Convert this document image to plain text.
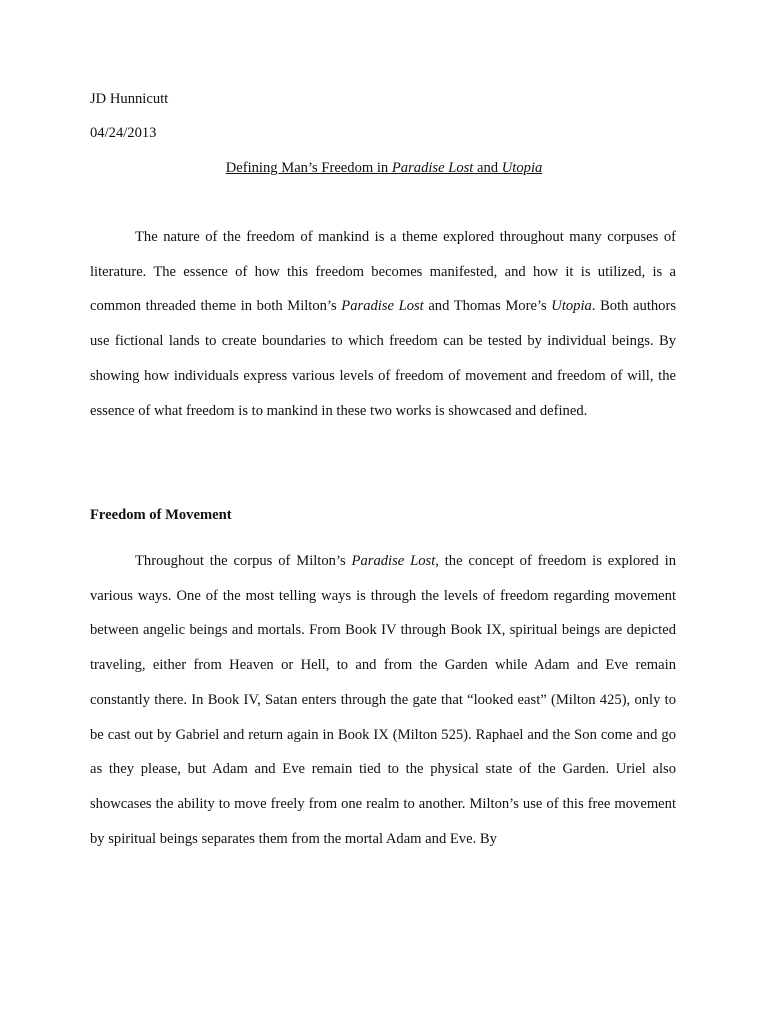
JD Hunnicutt
04/24/2013
Defining Man’s Freedom in Paradise Lost and Utopia

The nature of the freedom of mankind is a theme explored throughout many corpuses of literature. The essence of how this freedom becomes manifested, and how it is utilized, is a common threaded theme in both Milton’s Paradise Lost and Thomas More’s Utopia. Both authors use fictional lands to create boundaries to which freedom can be tested by individual beings. By showing how individuals express various levels of freedom of movement and freedom of will, the essence of what freedom is to mankind in these two works is showcased and defined.

Freedom of Movement

Throughout the corpus of Milton’s Paradise Lost, the concept of freedom is explored in various ways. One of the most telling ways is through the levels of freedom regarding movement between angelic beings and mortals. From Book IV through Book IX, spiritual beings are depicted traveling, either from Heaven or Hell, to and from the Garden while Adam and Eve remain constantly there. In Book IV, Satan enters through the gate that “looked east” (Milton 425), only to be cast out by Gabriel and return again in Book IX (Milton 525). Raphael and the Son come and go as they please, but Adam and Eve remain tied to the physical state of the Garden. Uriel also showcases the ability to move freely from one realm to another. Milton’s use of this free movement by spiritual beings separates them from the mortal Adam and Eve. By
